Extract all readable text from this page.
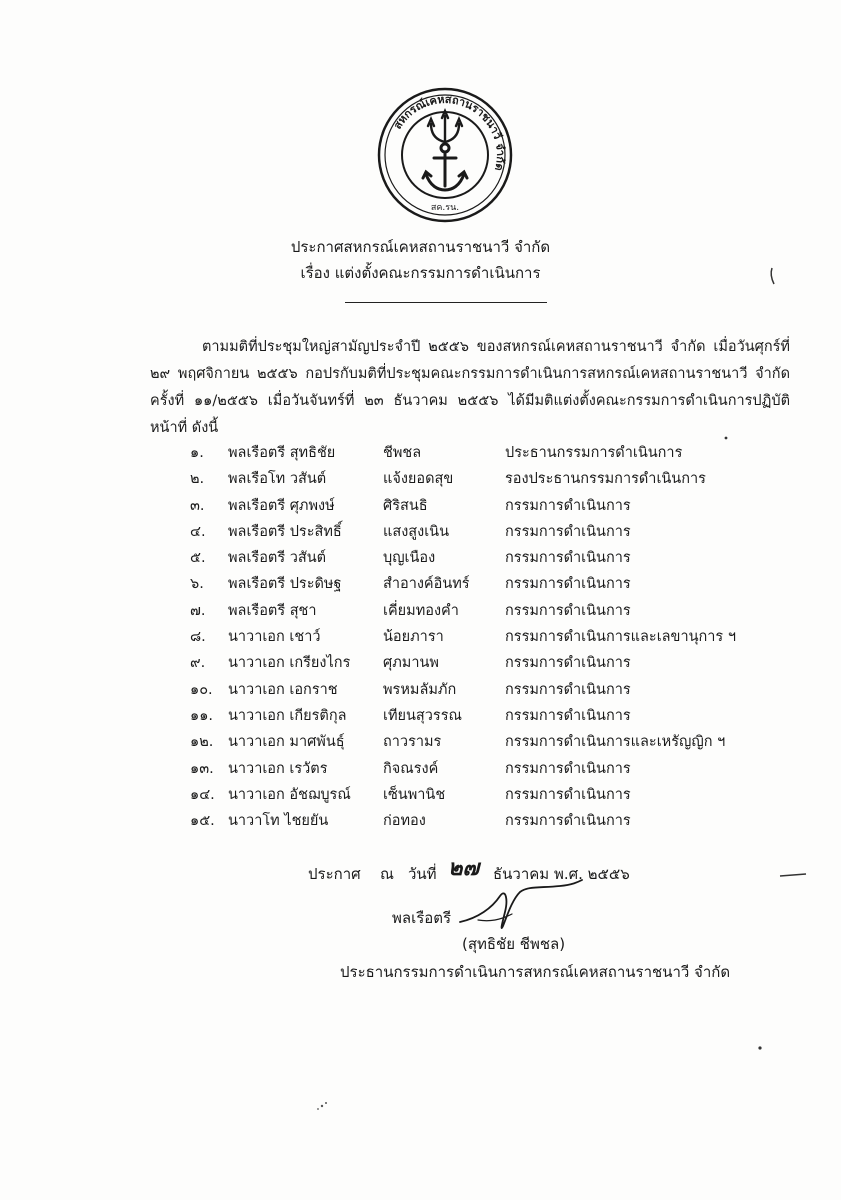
สหกรณ์เคหสถานราชนาวี จำกัด
สค.รน.
ประกาศสหกรณ์เคหสถานราชนาวี จำกัด
เรื่อง แต่งตั้งคณะกรรมการดำเนินการ
ตามมติที่ประชุมใหญ่สามัญประจำปี ๒๕๕๖ ของสหกรณ์เคหสถานราชนาวี จำกัด เมื่อวันศุกร์ที่ ๒๙ พฤศจิกายน ๒๕๕๖ กอปรกับมติที่ประชุมคณะกรรมการดำเนินการสหกรณ์เคหสถานราชนาวี จำกัด ครั้งที่ ๑๑/๒๕๕๖ เมื่อวันจันทร์ที่ ๒๓ ธันวาคม ๒๕๕๖ ได้มีมติแต่งตั้งคณะกรรมการดำเนินการปฏิบัติหน้าที่ ดังนี้
๑.	พลเรือตรี สุทธิชัย	ชีพชล	ประธานกรรมการดำเนินการ
๒.	พลเรือโท วสันต์	แจ้งยอดสุข	รองประธานกรรมการดำเนินการ
๓.	พลเรือตรี ศุภพงษ์	ศิริสนธิ	กรรมการดำเนินการ
๔.	พลเรือตรี ประสิทธิ์	แสงสูงเนิน	กรรมการดำเนินการ
๕.	พลเรือตรี วสันต์	บุญเนือง	กรรมการดำเนินการ
๖.	พลเรือตรี ประดิษฐ	สำอางค์อินทร์	กรรมการดำเนินการ
๗.	พลเรือตรี สุชา	เคี่ยมทองคำ	กรรมการดำเนินการ
๘.	นาวาเอก เชาว์	น้อยภารา	กรรมการดำเนินการและเลขานุการ ฯ
๙.	นาวาเอก เกรียงไกร	ศุภมานพ	กรรมการดำเนินการ
๑๐.	นาวาเอก เอกราช	พรหมลัมภัก	กรรมการดำเนินการ
๑๑.	นาวาเอก เกียรติกุล	เทียนสุวรรณ	กรรมการดำเนินการ
๑๒.	นาวาเอก มาศพันธุ์	ถาวรามร	กรรมการดำเนินการและเหรัญญิก ฯ
๑๓. นาวาเอก เรวัตร	กิจณรงค์	กรรมการดำเนินการ
๑๔. นาวาเอก อัชฌบูรณ์	เซ็นพานิช	กรรมการดำเนินการ
๑๕. นาวาโท ไชยยัน	ก่อทอง	กรรมการดำเนินการ
ประกาศ ณ วันที่ ๒๗ ธันวาคม พ.ศ. ๒๕๕๖
พลเรือตรี
(สุทธิชัย ชีพชล)
ประธานกรรมการดำเนินการสหกรณ์เคหสถานราชนาวี จำกัด
